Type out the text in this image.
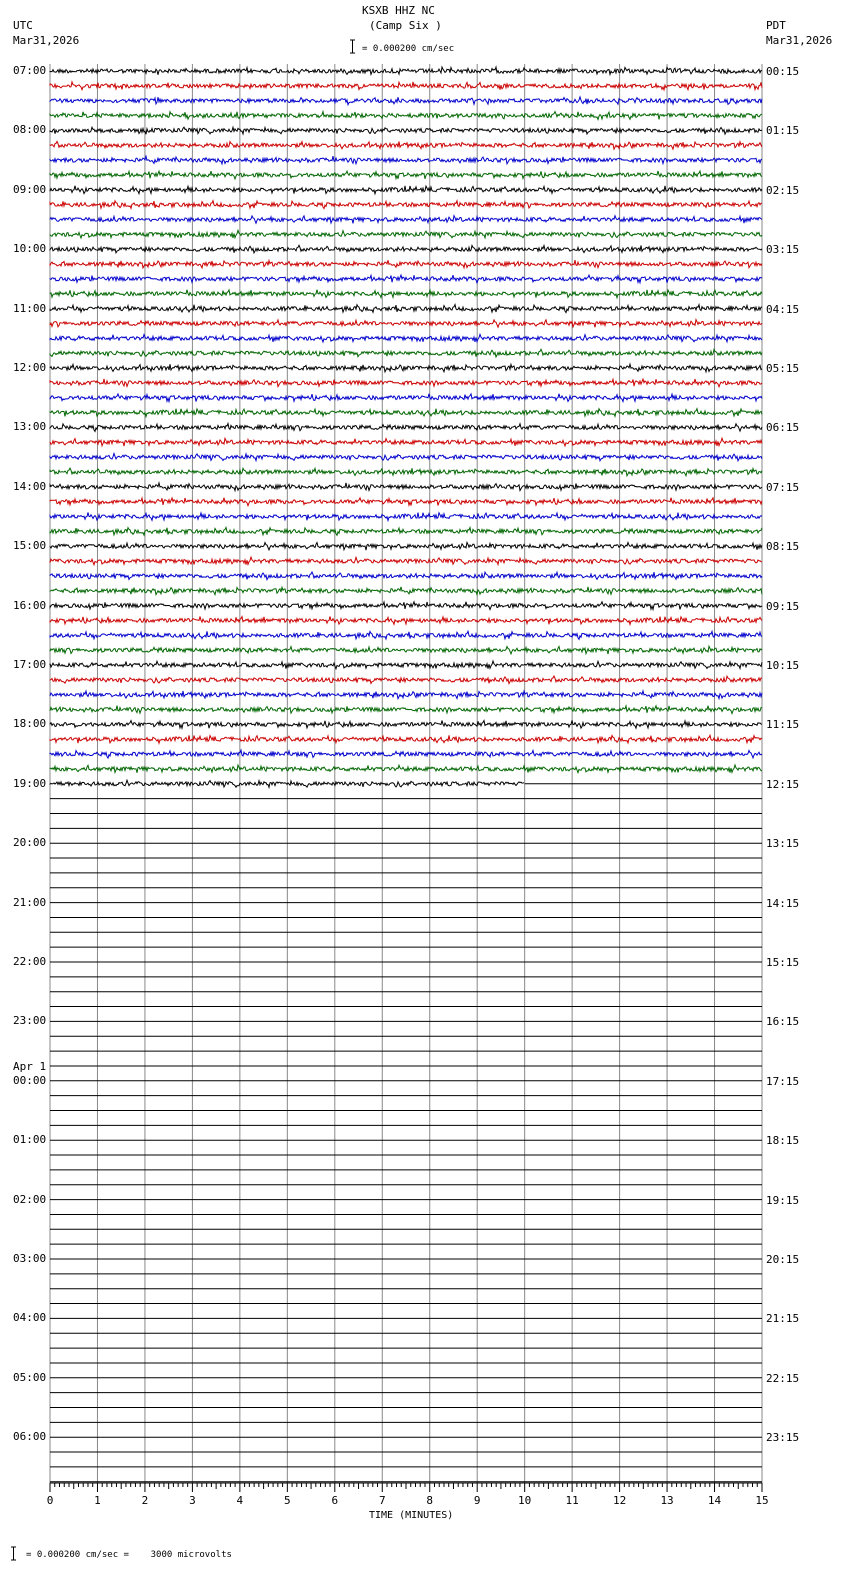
0	1	2	3	4	5	6	7	8	9	10	11	12	13	14	15
KSXB HHZ NC
(Camp Six )
UTC
Mar31,2026
PDT
Mar31,2026
= 0.000200 cm/sec
= 0.000200 cm/sec =    3000 microvolts
TIME (MINUTES)
07:00
08:00
09:00
10:00
11:00
12:00
13:00
14:00
15:00
16:00
17:00
18:00
19:00
20:00
21:00
22:00
23:00
00:00
Apr 1
01:00
02:00
03:00
04:00
05:00
06:00
00:15
01:15
02:15
03:15
04:15
05:15
06:15
07:15
08:15
09:15
10:15
11:15
12:15
13:15
14:15
15:15
16:15
17:15
18:15
19:15
20:15
21:15
22:15
23:15
